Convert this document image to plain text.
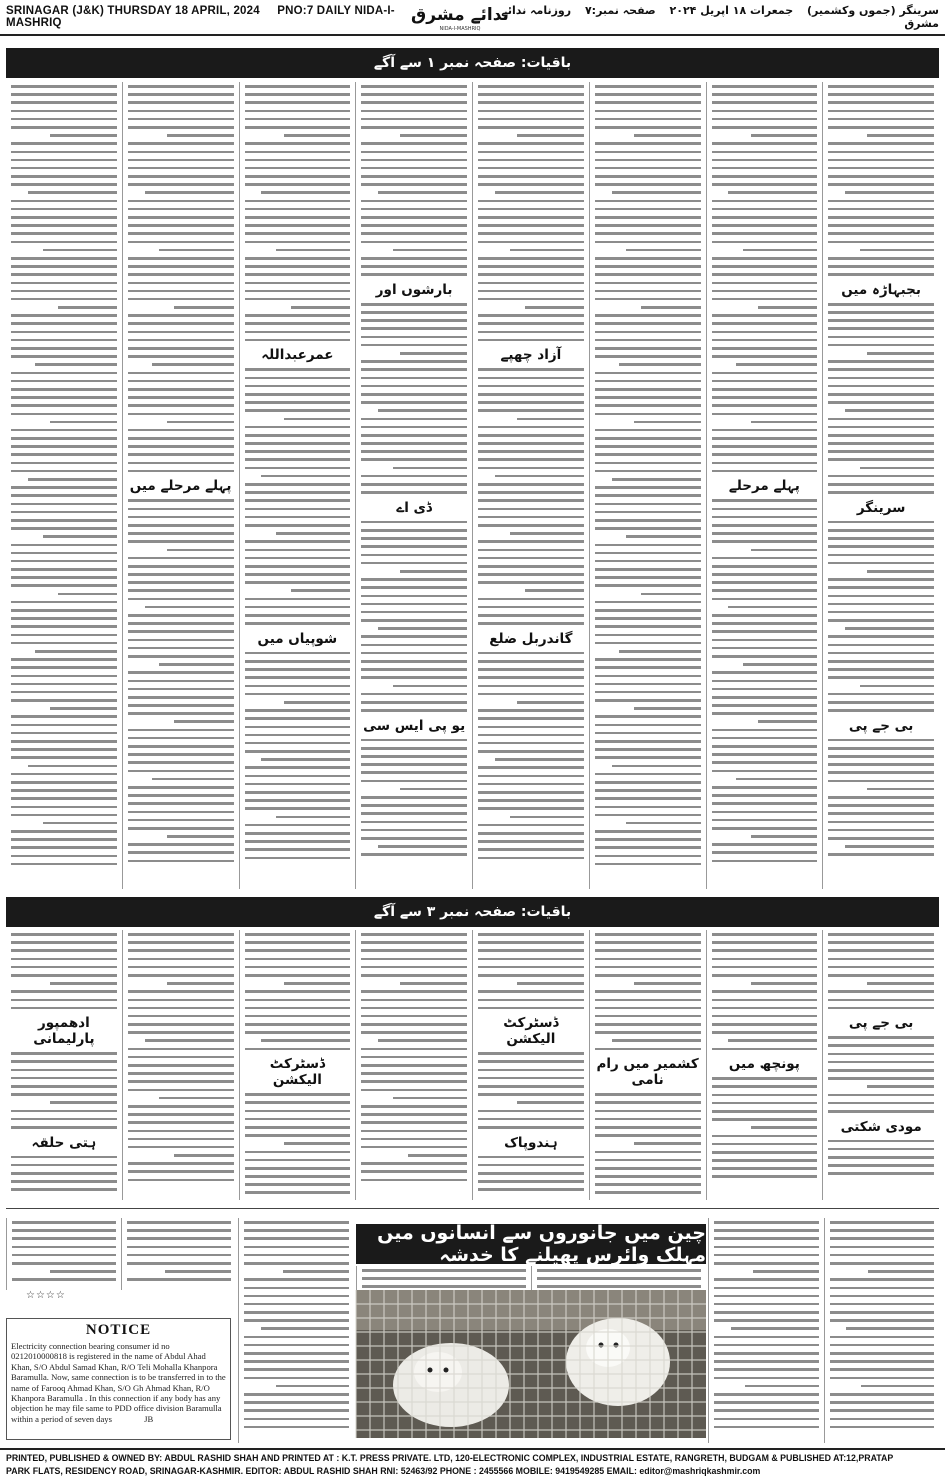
SRINAGAR (J&K) THURSDAY 18 APRIL, 2024 PNO:7 DAILY NIDA-I-MASHRIQ	ندائے مشرق
NIDA-I-MASHRIQ
سرینگر (جموں وکشمیر) جمعرات ۱۸ اپریل ۲۰۲۴ صفحہ نمبر:۷ روزنامہ ندائے مشرق
باقیات: صفحہ نمبر ۱ سے آگے
بجبہاڑہ میں
سرینگر
بی جے پی
پہلے مرحلے
آزاد چھپے
گاندربل ضلع
بارشوں اور
ڈی اے
یو پی ایس سی
عمرعبداللہ
شوپیاں میں
پہلے مرحلے میں
باقیات: صفحہ نمبر ۳ سے آگے
بی جے پی
مودی شکتی
پونچھ میں
کشمیر میں رام نامی
ڈسٹرکٹ الیکشن
ہندوپاک
ڈسٹرکٹ الیکشن
ادھمپور پارلیمانی
ہتی حلقہ
چین میں جانوروں سے انسانوں میں مہلک وائرس پھیلنے کا خدشہ
☆☆☆☆
NOTICE
Electricity connection bearing consumer id no 0212010000818 is registered in the name of Abdul Ahad Khan, S/O Abdul Samad Khan, R/O Teli Mohalla Khanpora Baramulla. Now, same connection is to be transferred in to the name of Farooq Ahmad Khan, S/O Gh Ahmad Khan, R/O Khanpora Baramulla . In this connection if any body has any objection he may file same to PDD office division Baramulla within a period of seven days	JB
PRINTED, PUBLISHED & OWNED BY: ABDUL RASHID SHAH AND PRINTED AT : K.T. PRESS PRIVATE. LTD, 120-ELECTRONIC COMPLEX, INDUSTRIAL ESTATE, RANGRETH, BUDGAM & PUBLISHED AT:12,PRATAP
PARK FLATS, RESIDENCY ROAD, SRINAGAR-KASHMIR. EDITOR: ABDUL RASHID SHAH RNI: 52463/92 PHONE : 2455566 MOBILE: 9419549285 EMAIL: editor@mashriqkashmir.com
